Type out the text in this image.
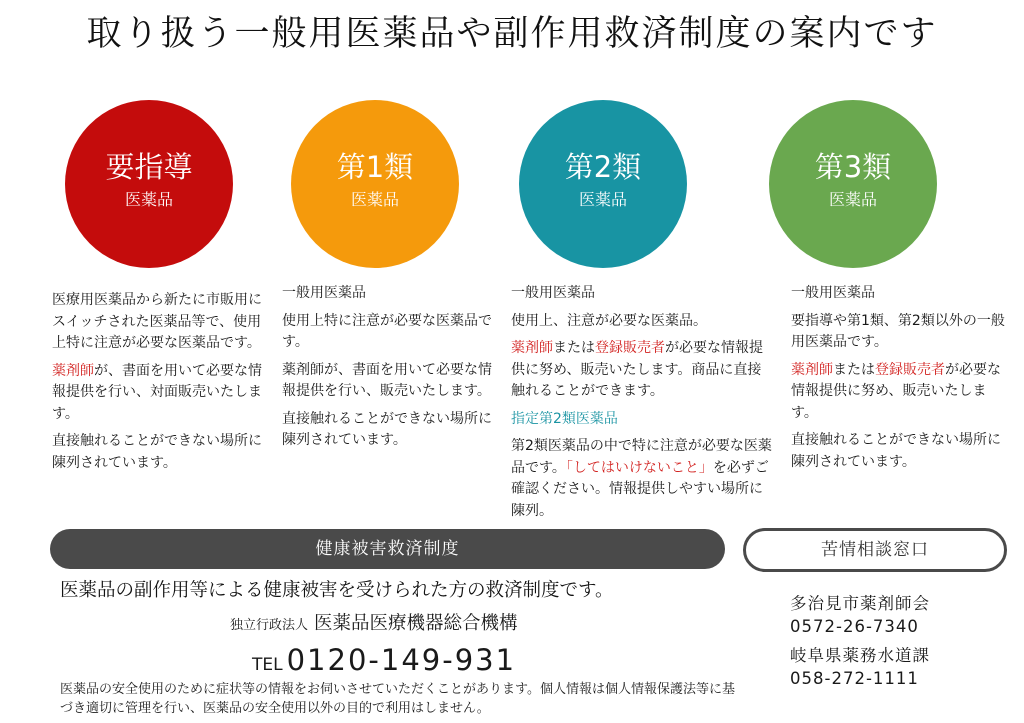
取り扱う一般用医薬品や副作用救済制度の案内です
要指導
医薬品
第1類
医薬品
第2類
医薬品
第3類
医薬品

医療用医薬品から新たに市販用にスイッチされた医薬品等で、使用上特に注意が必要な医薬品です。

薬剤師が、書面を用いて必要な情報提供を行い、対面販売いたします。

直接触れることができない場所に陳列されています。

一般用医薬品

使用上特に注意が必要な医薬品です。

薬剤師が、書面を用いて必要な情報提供を行い、販売いたします。

直接触れることができない場所に陳列されています。

一般用医薬品

使用上、注意が必要な医薬品。

薬剤師または登録販売者が必要な情報提供に努め、販売いたします。商品に直接触れることができます。

指定第2類医薬品

第2類医薬品の中で特に注意が必要な医薬品です。「してはいけないこと」を必ずご確認ください。情報提供しやすい場所に陳列。

一般用医薬品

要指導や第1類、第2類以外の一般用医薬品です。

薬剤師または登録販売者が必要な情報提供に努め、販売いたします。

直接触れることができない場所に陳列されています。

健康被害救済制度	苦情相談窓口
医薬品の副作用等による健康被害を受けられた方の救済制度です。
独立行政法人 医薬品医療機器総合機構
TEL 0120-149-931
医薬品の安全使用のために症状等の情報をお伺いさせていただくことがあります。個人情報は個人情報保護法等に基づき適切に管理を行い、医薬品の安全使用以外の目的で利用はしません。
多治見市薬剤師会
0572-26-7340
岐阜県薬務水道課
058-272-1111
